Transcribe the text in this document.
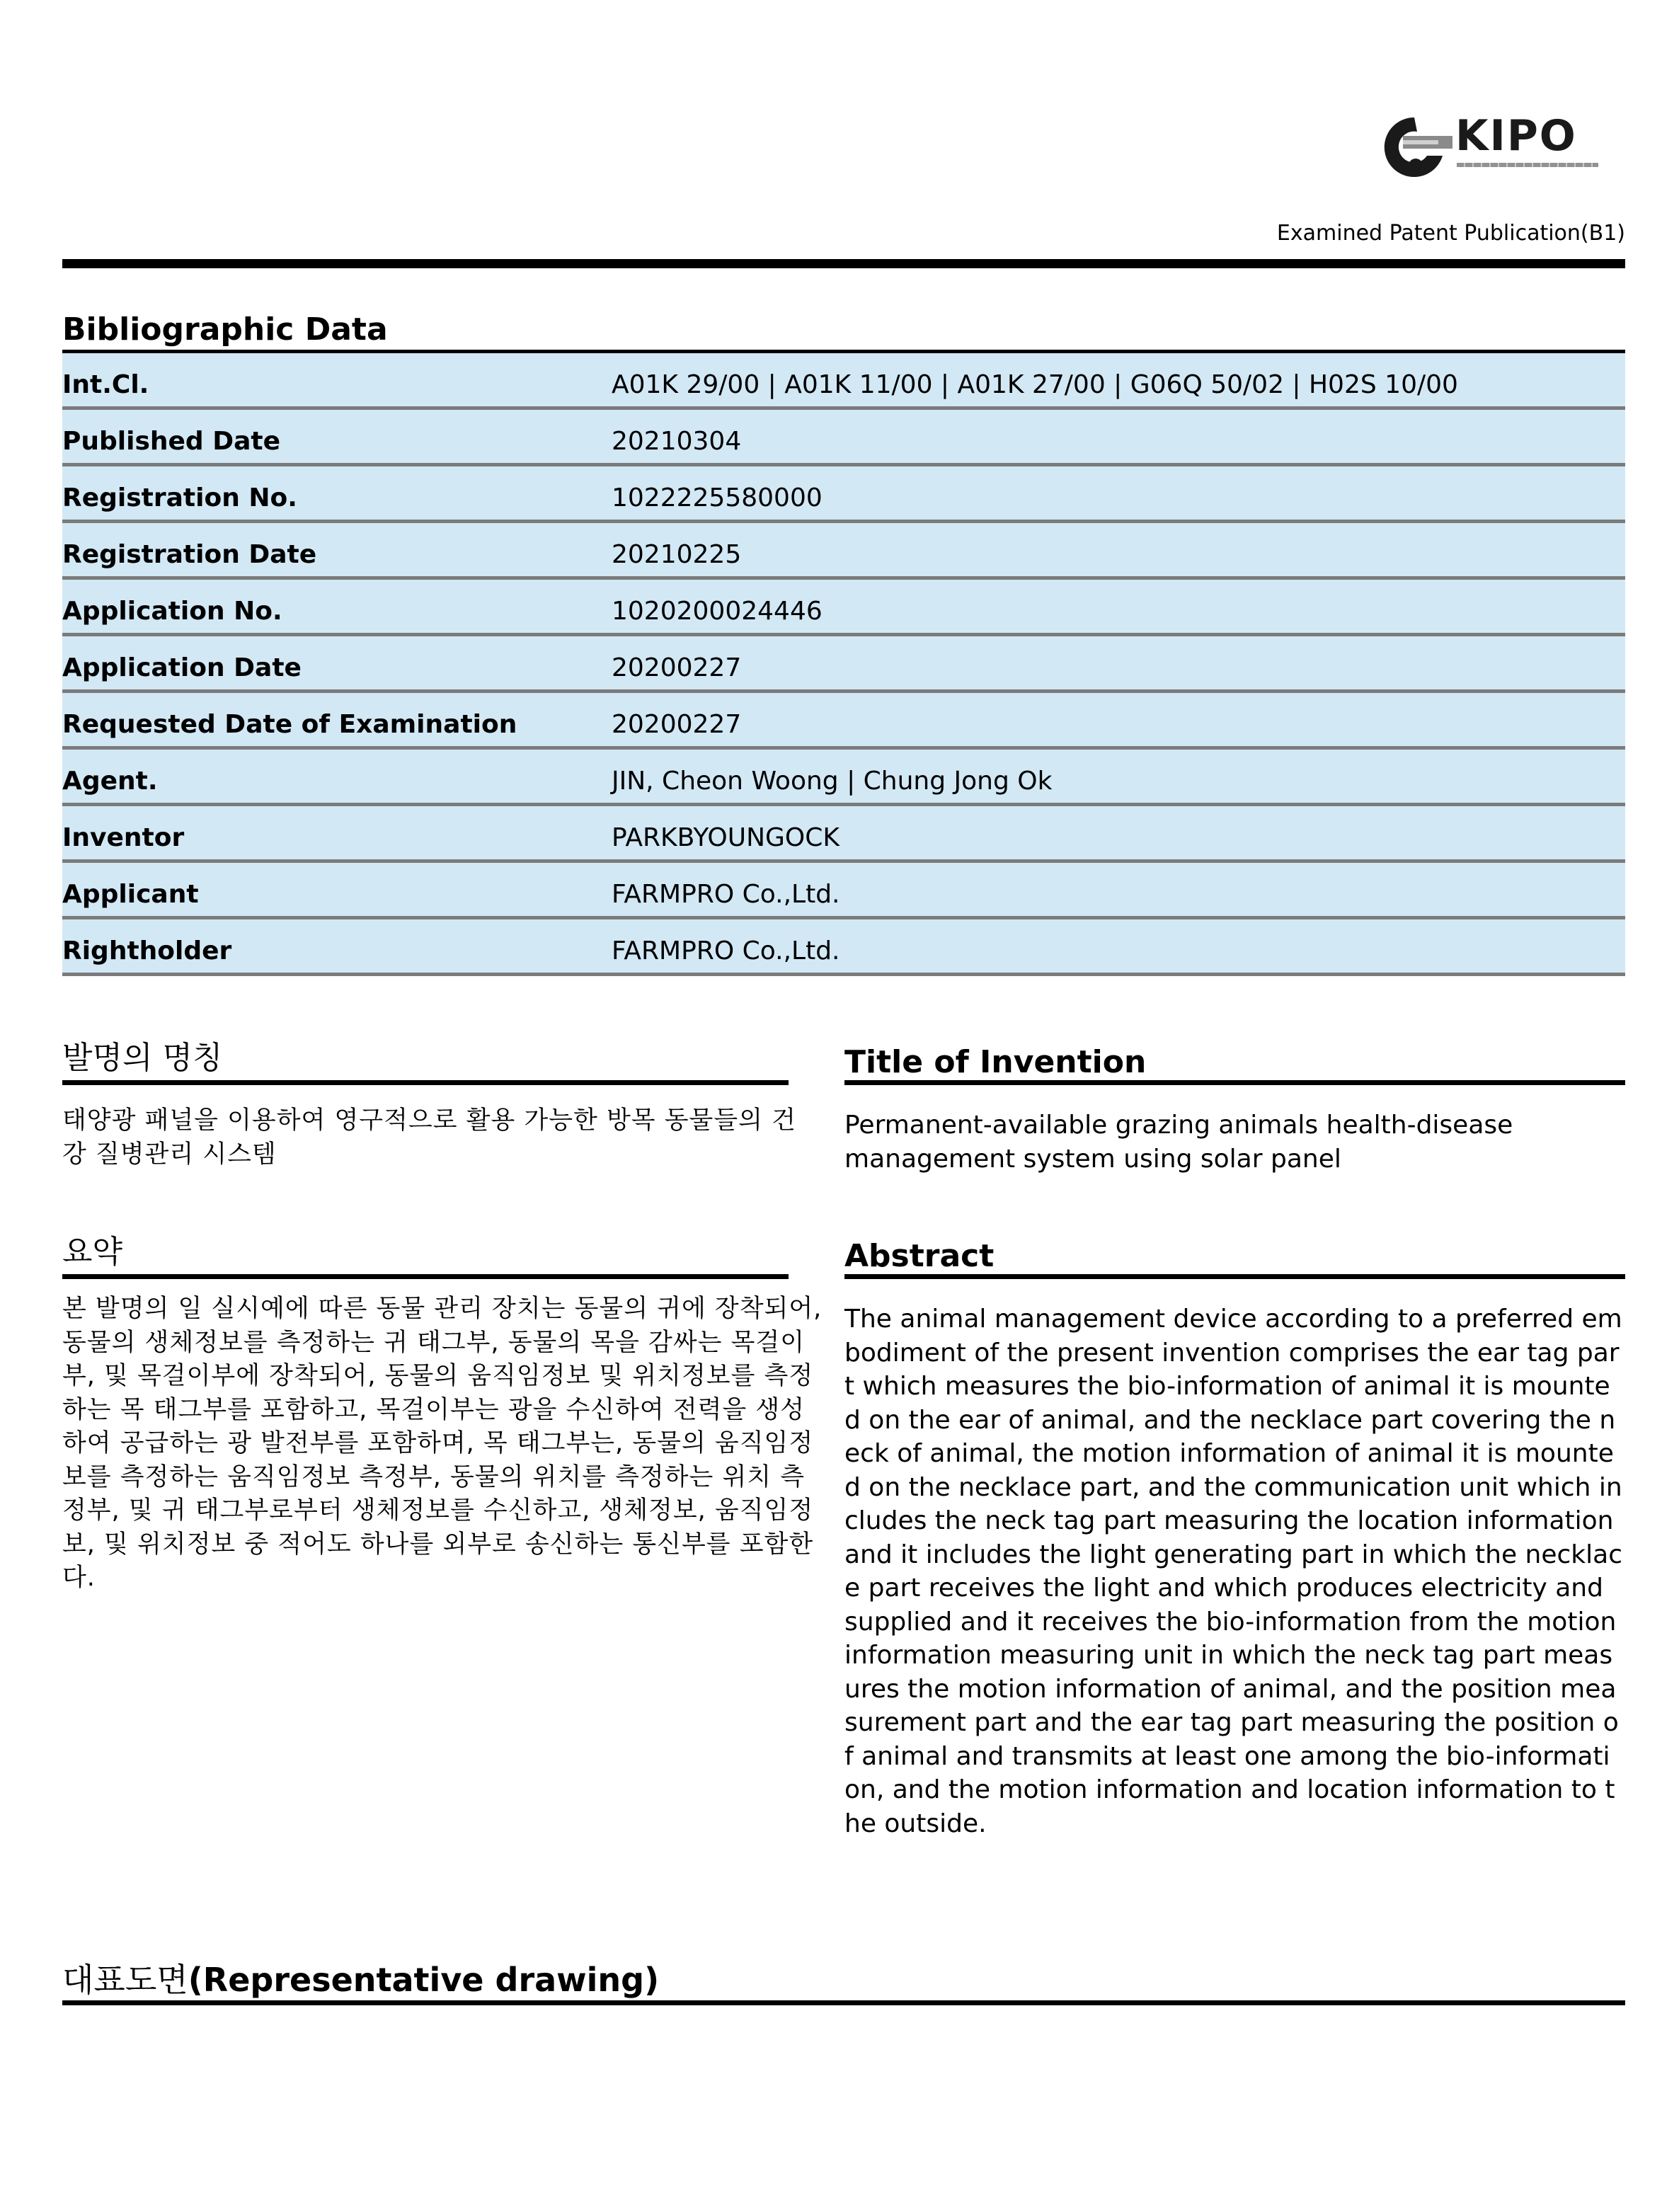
KIPO
Examined Patent Publication(B1)
Bibliographic Data
Int.Cl.	A01K 29/00 | A01K 11/00 | A01K 27/00 | G06Q 50/02 | H02S 10/00
Published Date	20210304
Registration No.	1022225580000
Registration Date	20210225
Application No.	1020200024446
Application Date	20200227
Requested Date of Examination	20200227
Agent.	JIN, Cheon Woong | Chung Jong Ok
Inventor	PARKBYOUNGOCK
Applicant	FARMPRO Co.,Ltd.
Rightholder	FARMPRO Co.,Ltd.
발명의 명칭
태양광 패널을 이용하여 영구적으로 활용 가능한 방목 동물들의 건강 질병관리 시스템
Title of Invention
Permanent-available grazing animals health-disease management system using solar panel
요약
본 발명의 일 실시예에 따른 동물 관리 장치는 동물의 귀에 장착되어, 동물의 생체정보를 측정하는 귀 태그부, 동물의 목을 감싸는 목걸이부, 및 목걸이부에 장착되어, 동물의 움직임정보 및 위치정보를 측정하는 목 태그부를 포함하고, 목걸이부는 광을 수신하여 전력을 생성하여 공급하는 광 발전부를 포함하며, 목 태그부는, 동물의 움직임정보를 측정하는 움직임정보 측정부, 동물의 위치를 측정하는 위치 측정부, 및 귀 태그부로부터 생체정보를 수신하고, 생체정보, 움직임정보, 및 위치정보 중 적어도 하나를 외부로 송신하는 통신부를 포함한다.
Abstract
The animal management device according to a preferred embodiment of the present invention comprises the ear tag part which measures the bio-information of animal it is mounted on the ear of animal, and the necklace part covering the neck of animal, the motion information of animal it is mounted on the necklace part, and the communication unit which includes the neck tag part measuring the location information and it includes the light generating part in which the necklace part receives the light and which produces electricity and supplied and it receives the bio-information from the motion information measuring unit in which the neck tag part measures the motion information of animal, and the position measurement part and the ear tag part measuring the position of animal and transmits at least one among the bio-information, and the motion information and location information to the outside.
대표도면(Representative drawing)
